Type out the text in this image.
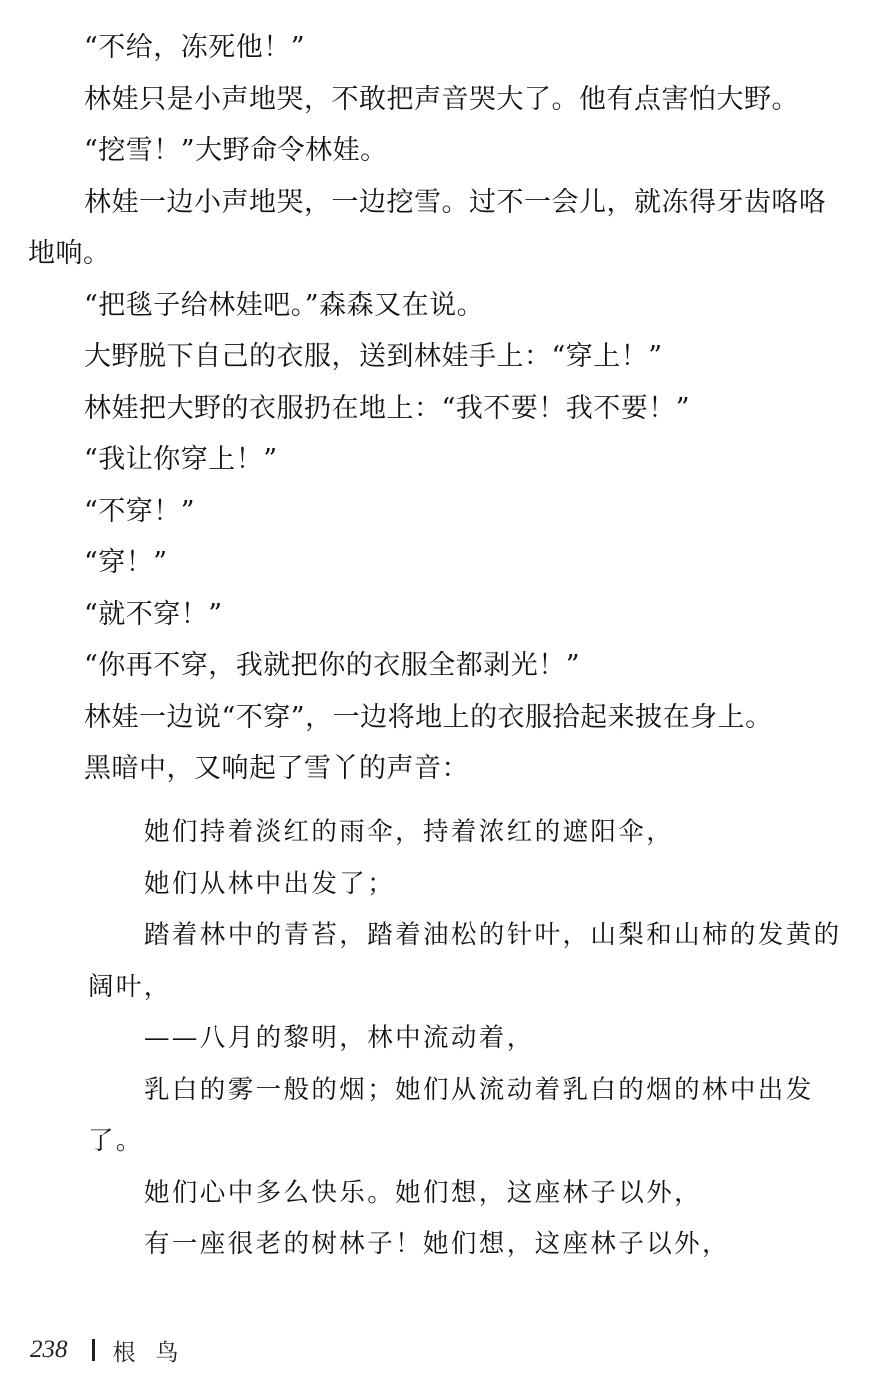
“不给，冻死他！”

林娃只是小声地哭，不敢把声音哭大了。他有点害怕大野。

“挖雪！”大野命令林娃。

林娃一边小声地哭，一边挖雪。过不一会儿，就冻得牙齿咯咯地响。

“把毯子给林娃吧。”森森又在说。

大野脱下自己的衣服，送到林娃手上：“穿上！”

林娃把大野的衣服扔在地上：“我不要！我不要！”

“我让你穿上！”

“不穿！”

“穿！”

“就不穿！”

“你再不穿，我就把你的衣服全都剥光！”

林娃一边说“不穿”，一边将地上的衣服拾起来披在身上。

黑暗中，又响起了雪丫的声音：

她们持着淡红的雨伞，持着浓红的遮阳伞，

她们从林中出发了；

踏着林中的青苔，踏着油松的针叶，山梨和山柿的发黄的阔叶，

——八月的黎明，林中流动着，

乳白的雾一般的烟；她们从流动着乳白的烟的林中出发了。

她们心中多么快乐。她们想，这座林子以外，

有一座很老的树林子！她们想，这座林子以外，

238 根鸟
